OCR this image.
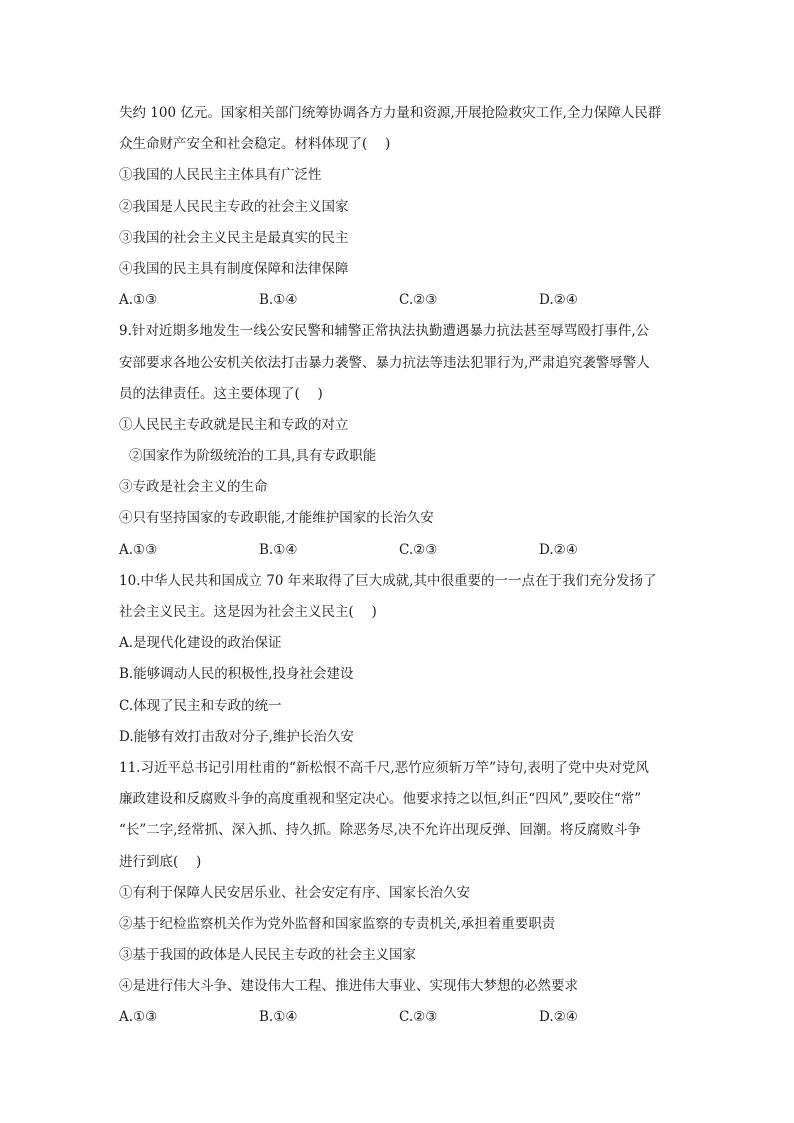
失约 100 亿元。国家相关部门统筹协调各方力量和资源,开展抢险救灾工作,全力保障人民群
众生命财产安全和社会稳定。材料体现了(　 )
①我国的人民民主主体具有广泛性
②我国是人民民主专政的社会主义国家
③我国的社会主义民主是最真实的民主
④我国的民主具有制度保障和法律保障
A.①③	B.①④	C.②③	D.②④
9.针对近期多地发生一线公安民警和辅警正常执法执勤遭遇暴力抗法甚至辱骂殴打事件,公
安部要求各地公安机关依法打击暴力袭警、暴力抗法等违法犯罪行为,严肃追究袭警辱警人
员的法律责任。这主要体现了(　 )
①人民民主专政就是民主和专政的对立
②国家作为阶级统治的工具,具有专政职能
③专政是社会主义的生命
④只有坚持国家的专政职能,才能维护国家的长治久安
A.①③	B.①④	C.②③	D.②④
10.中华人民共和国成立 70 年来取得了巨大成就,其中很重要的一一点在于我们充分发扬了
社会主义民主。这是因为社会主义民主(　 )
A.是现代化建设的政治保证
B.能够调动人民的积极性,投身社会建设
C.体现了民主和专政的统一
D.能够有效打击敌对分子,维护长治久安
11.习近平总书记引用杜甫的“新松恨不高千尺,恶竹应须斩万竿”诗句,表明了党中央对党风
廉政建设和反腐败斗争的高度重视和坚定决心。他要求持之以恒,纠正“四风”,要咬住“常”
“长”二字,经常抓、深入抓、持久抓。除恶务尽,决不允许出现反弹、回潮。将反腐败斗争
进行到底(　 )
①有利于保障人民安居乐业、社会安定有序、国家长治久安
②基于纪检监察机关作为党外监督和国家监察的专责机关,承担着重要职责
③基于我国的政体是人民民主专政的社会主义国家
④是进行伟大斗争、建设伟大工程、推进伟大事业、实现伟大梦想的必然要求
A.①③	B.①④	C.②③	D.②④
